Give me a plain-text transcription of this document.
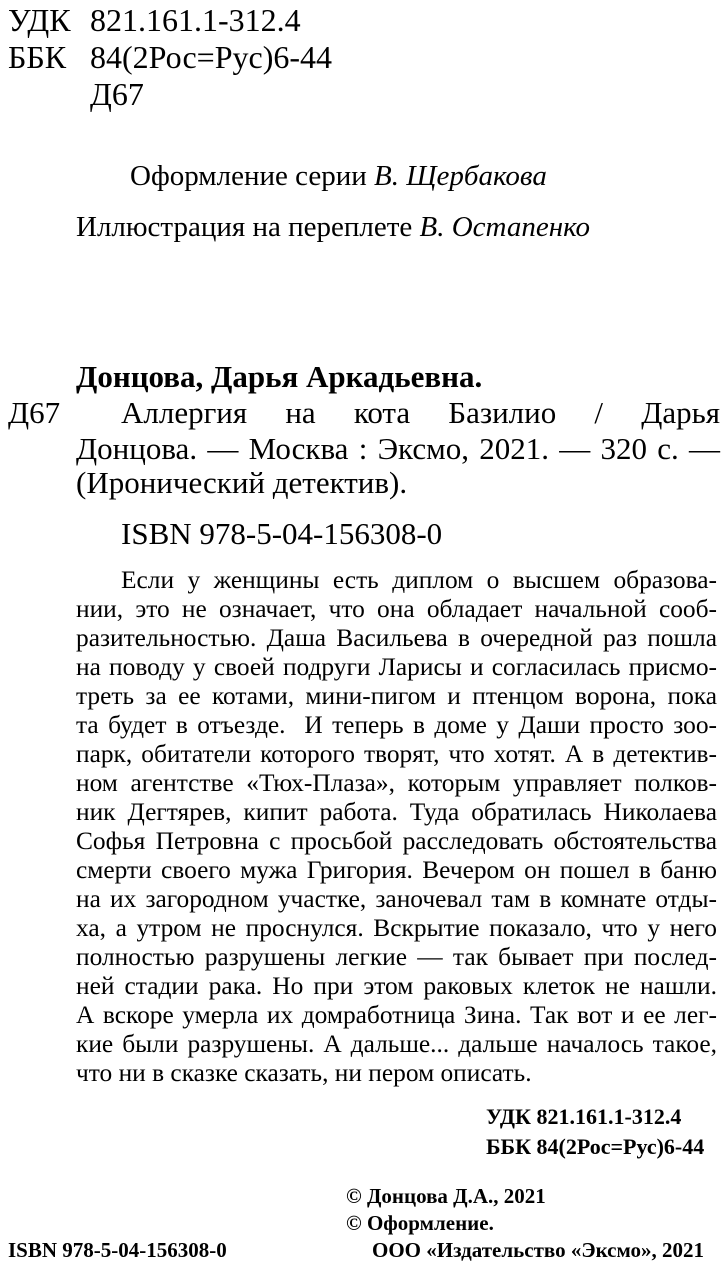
УДК 821.161.1-312.4
ББК 84(2Рос=Рус)6-44
Д67
Оформление серии В. Щербакова
Иллюстрация на переплете В. Остапенко
Донцова, Дарья Аркадьевна.
Д67 Аллергия на кота Базилио / Дарья
Донцова. — Москва : Эксмо, 2021. — 320 с. —
(Иронический детектив).
ISBN 978-5-04-156308-0
Если у женщины есть диплом о высшем образова-
нии, это не означает, что она обладает начальной сооб-
разительностью. Даша Васильева в очередной раз пошла
на поводу у своей подруги Ларисы и согласилась присмо-
треть за ее котами, мини-пигом и птенцом ворона, пока
та будет в отъезде.  И теперь в доме у Даши просто зоо-
парк, обитатели которого творят, что хотят. А в детектив-
ном агентстве «Тюх-Плаза», которым управляет полков-
ник Дегтярев, кипит работа. Туда обратилась Николаева
Софья Петровна с просьбой расследовать обстоятельства
смерти своего мужа Григория. Вечером он пошел в баню
на их загородном участке, заночевал там в комнате отды-
ха, а утром не проснулся. Вскрытие показало, что у него
полностью разрушены легкие — так бывает при послед-
ней стадии рака. Но при этом раковых клеток не нашли.
А вскоре умерла их домработница Зина. Так вот и ее лег-
кие были разрушены. А дальше... дальше началось такое,
что ни в сказке сказать, ни пером описать.
УДК 821.161.1-312.4
ББК 84(2Рос=Рус)6-44
© Донцова Д.А., 2021
© Оформление.
ISBN 978-5-04-156308-0	ООО «Издательство «Эксмо», 2021
